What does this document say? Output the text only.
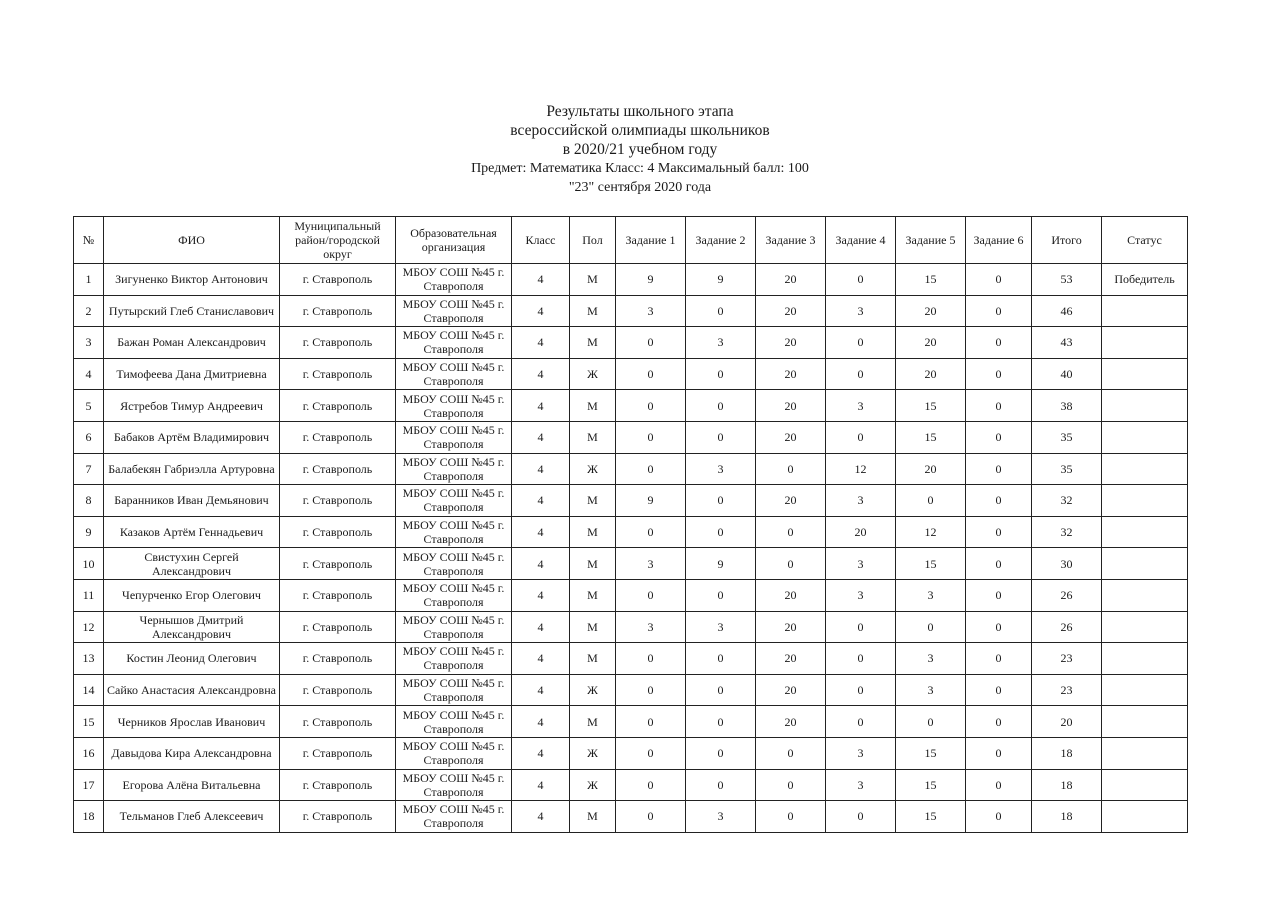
Результаты школьного этапа
всероссийской олимпиады школьников
в 2020/21 учебном году
Предмет: Математика Класс: 4 Максимальный балл: 100
"23" сентября 2020 года
№	ФИО	Муниципальный район/городской округ	Образовательная организация	Класс	Пол	Задание 1	Задание 2	Задание 3	Задание 4	Задание 5	Задание 6	Итого	Статус
1	Зигуненко Виктор Антонович	г. Ставрополь	МБОУ СОШ №45 г. Ставрополя	4	М	9	9	20	0	15	0	53	Победитель
2	Путырский Глеб Станиславович	г. Ставрополь	МБОУ СОШ №45 г. Ставрополя	4	М	3	0	20	3	20	0	46	
3	Бажан Роман Александрович	г. Ставрополь	МБОУ СОШ №45 г. Ставрополя	4	М	0	3	20	0	20	0	43	
4	Тимофеева Дана Дмитриевна	г. Ставрополь	МБОУ СОШ №45 г. Ставрополя	4	Ж	0	0	20	0	20	0	40	
5	Ястребов Тимур Андреевич	г. Ставрополь	МБОУ СОШ №45 г. Ставрополя	4	М	0	0	20	3	15	0	38	
6	Бабаков Артём Владимирович	г. Ставрополь	МБОУ СОШ №45 г. Ставрополя	4	М	0	0	20	0	15	0	35	
7	Балабекян Габриэлла Артуровна	г. Ставрополь	МБОУ СОШ №45 г. Ставрополя	4	Ж	0	3	0	12	20	0	35	
8	Баранников Иван Демьянович	г. Ставрополь	МБОУ СОШ №45 г. Ставрополя	4	М	9	0	20	3	0	0	32	
9	Казаков Артём Геннадьевич	г. Ставрополь	МБОУ СОШ №45 г. Ставрополя	4	М	0	0	0	20	12	0	32	
10	Свистухин Сергей Александрович	г. Ставрополь	МБОУ СОШ №45 г. Ставрополя	4	М	3	9	0	3	15	0	30	
11	Чепурченко Егор Олегович	г. Ставрополь	МБОУ СОШ №45 г. Ставрополя	4	М	0	0	20	3	3	0	26	
12	Чернышов Дмитрий Александрович	г. Ставрополь	МБОУ СОШ №45 г. Ставрополя	4	М	3	3	20	0	0	0	26	
13	Костин Леонид Олегович	г. Ставрополь	МБОУ СОШ №45 г. Ставрополя	4	М	0	0	20	0	3	0	23	
14	Сайко Анастасия Александровна	г. Ставрополь	МБОУ СОШ №45 г. Ставрополя	4	Ж	0	0	20	0	3	0	23	
15	Черников Ярослав Иванович	г. Ставрополь	МБОУ СОШ №45 г. Ставрополя	4	М	0	0	20	0	0	0	20	
16	Давыдова Кира Александровна	г. Ставрополь	МБОУ СОШ №45 г. Ставрополя	4	Ж	0	0	0	3	15	0	18	
17	Егорова Алёна Витальевна	г. Ставрополь	МБОУ СОШ №45 г. Ставрополя	4	Ж	0	0	0	3	15	0	18	
18	Тельманов Глеб Алексеевич	г. Ставрополь	МБОУ СОШ №45 г. Ставрополя	4	М	0	3	0	0	15	0	18	
